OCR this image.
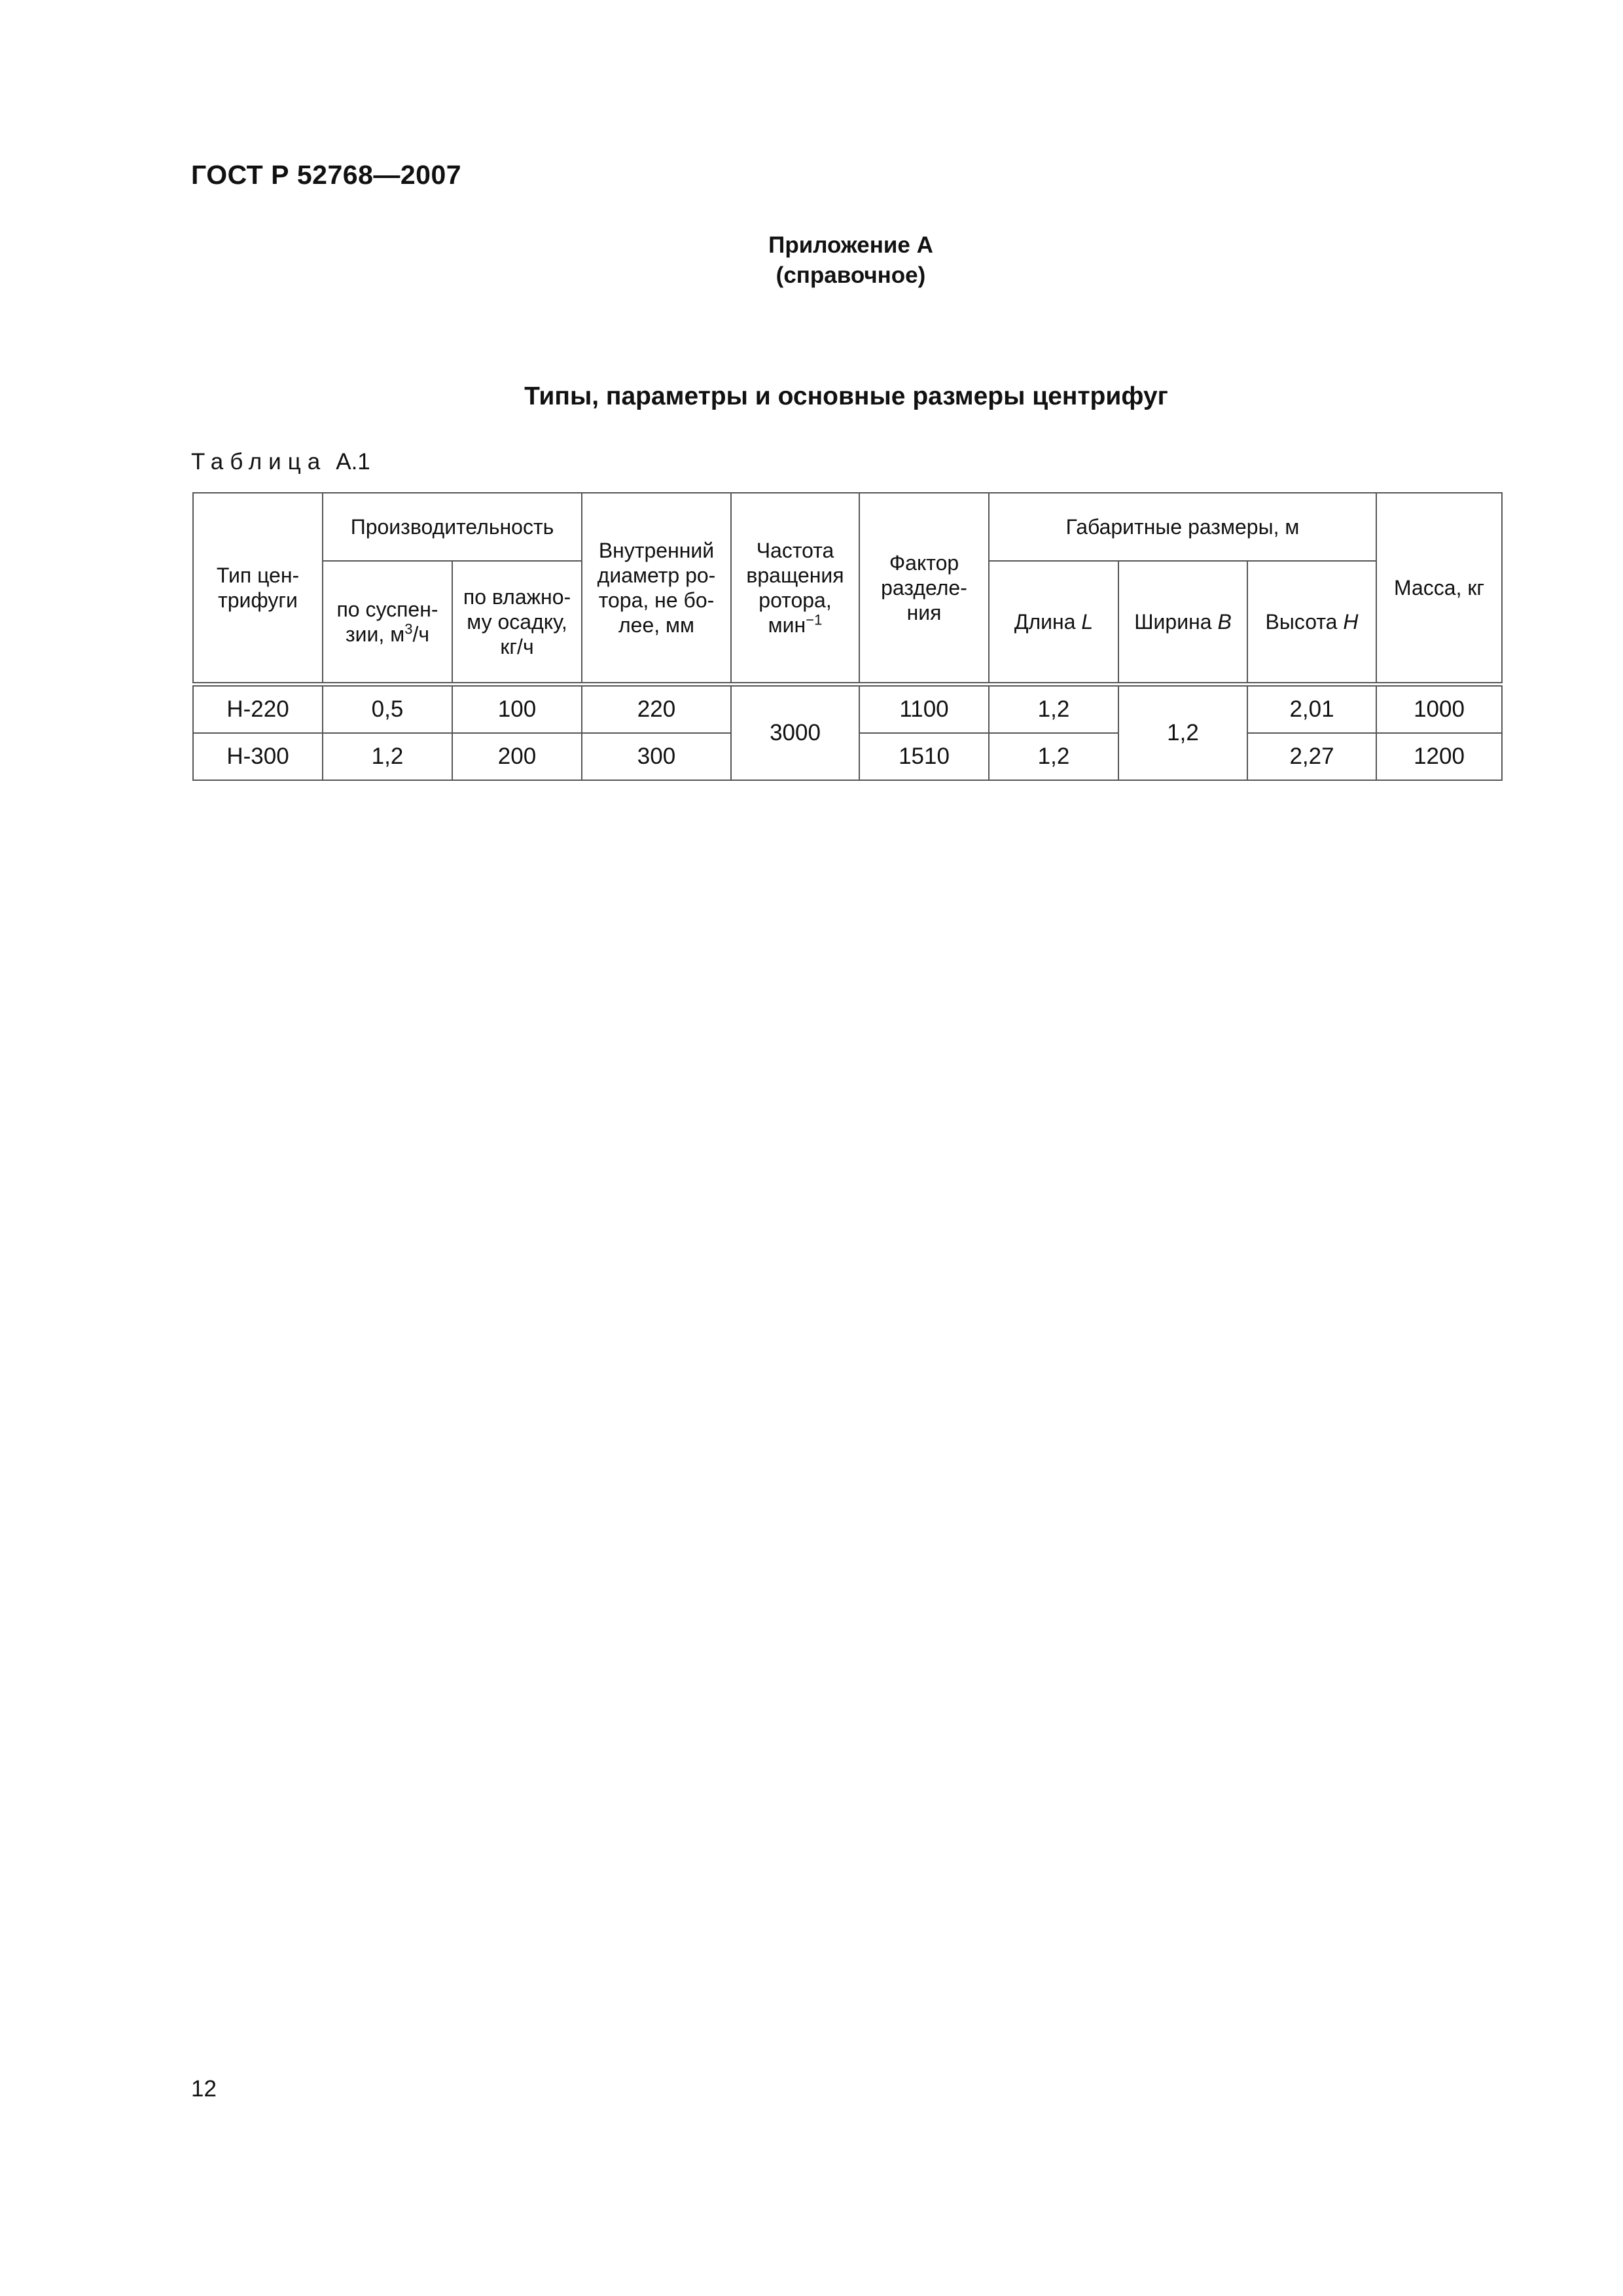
ГОСТ Р 52768—2007
Приложение А
(справочное)
Типы, параметры и основные размеры центрифуг
Таблица А.1
Тип цен-трифуги	Производительность		Внутренний диаметр ро-тора, не бо-лее, мм	Частота вращения ротора, мин$^{-1}$	Фактор разделе-ния	Габаритные размеры, м			Масса, кг
	по суспен-зии, $м^3/ч$	по влажно-му осадку, кг/ч				Длина L	Ширина B	Высота H	
Н-220	0,5	100	220	3000	1100	1,2	1,2	2,01	1000
Н-300	1,2	200	300		1510	1,2		2,27	1200
12
